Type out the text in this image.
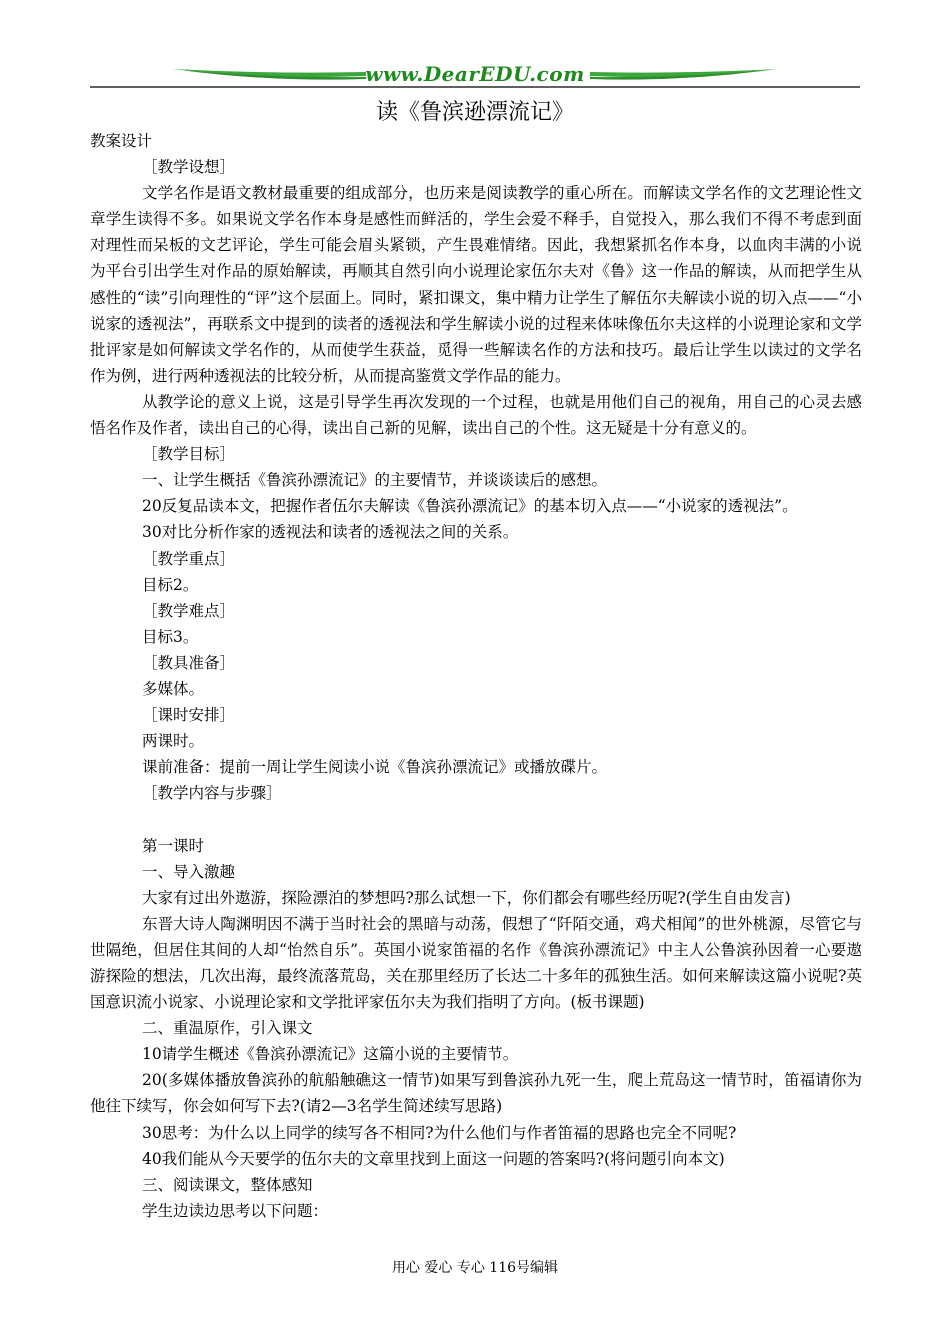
www.DearEDU.com
读《鲁滨逊漂流记》

教案设计

［教学设想］

文学名作是语文教材最重要的组成部分，也历来是阅读教学的重心所在。而解读文学名作的文艺理论性文章学生读得不多。如果说文学名作本身是感性而鲜活的，学生会爱不释手，自觉投入，那么我们不得不考虑到面对理性而呆板的文艺评论，学生可能会眉头紧锁，产生畏难情绪。因此，我想紧抓名作本身，以血肉丰满的小说为平台引出学生对作品的原始解读，再顺其自然引向小说理论家伍尔夫对《鲁》这一作品的解读，从而把学生从感性的“读”引向理性的“评”这个层面上。同时，紧扣课文，集中精力让学生了解伍尔夫解读小说的切入点——“小说家的透视法”，再联系文中提到的读者的透视法和学生解读小说的过程来体味像伍尔夫这样的小说理论家和文学批评家是如何解读文学名作的，从而使学生获益，觅得一些解读名作的方法和技巧。最后让学生以读过的文学名作为例，进行两种透视法的比较分析，从而提高鉴赏文学作品的能力。

从教学论的意义上说，这是引导学生再次发现的一个过程，也就是用他们自己的视角，用自己的心灵去感悟名作及作者，读出自己的心得，读出自己新的见解，读出自己的个性。这无疑是十分有意义的。

［教学目标］

一、让学生概括《鲁滨孙漂流记》的主要情节，并谈谈读后的感想。

20反复品读本文，把握作者伍尔夫解读《鲁滨孙漂流记》的基本切入点——“小说家的透视法”。

30对比分析作家的透视法和读者的透视法之间的关系。

［教学重点］

目标2。

［教学难点］

目标3。

［教具准备］

多媒体。

［课时安排］

两课时。

课前准备：提前一周让学生阅读小说《鲁滨孙漂流记》或播放碟片。

［教学内容与步骤］

第一课时

一、导入激趣

大家有过出外遨游，探险漂泊的梦想吗?那么试想一下，你们都会有哪些经历呢?(学生自由发言)

东晋大诗人陶渊明因不满于当时社会的黑暗与动荡，假想了“阡陌交通，鸡犬相闻”的世外桃源，尽管它与世隔绝，但居住其间的人却“怡然自乐”。英国小说家笛福的名作《鲁滨孙漂流记》中主人公鲁滨孙因着一心要遨游探险的想法，几次出海，最终流落荒岛，关在那里经历了长达二十多年的孤独生活。如何来解读这篇小说呢?英国意识流小说家、小说理论家和文学批评家伍尔夫为我们指明了方向。(板书课题)

二、重温原作，引入课文

10请学生概述《鲁滨孙漂流记》这篇小说的主要情节。

20(多媒体播放鲁滨孙的航船触礁这一情节)如果写到鲁滨孙九死一生，爬上荒岛这一情节时，笛福请你为他往下续写，你会如何写下去?(请2—3名学生简述续写思路)

30思考：为什么以上同学的续写各不相同?为什么他们与作者笛福的思路也完全不同呢?

40我们能从今天要学的伍尔夫的文章里找到上面这一问题的答案吗?(将问题引向本文)

三、阅读课文，整体感知

学生边读边思考以下问题：

用心 爱心 专心 116号编辑
